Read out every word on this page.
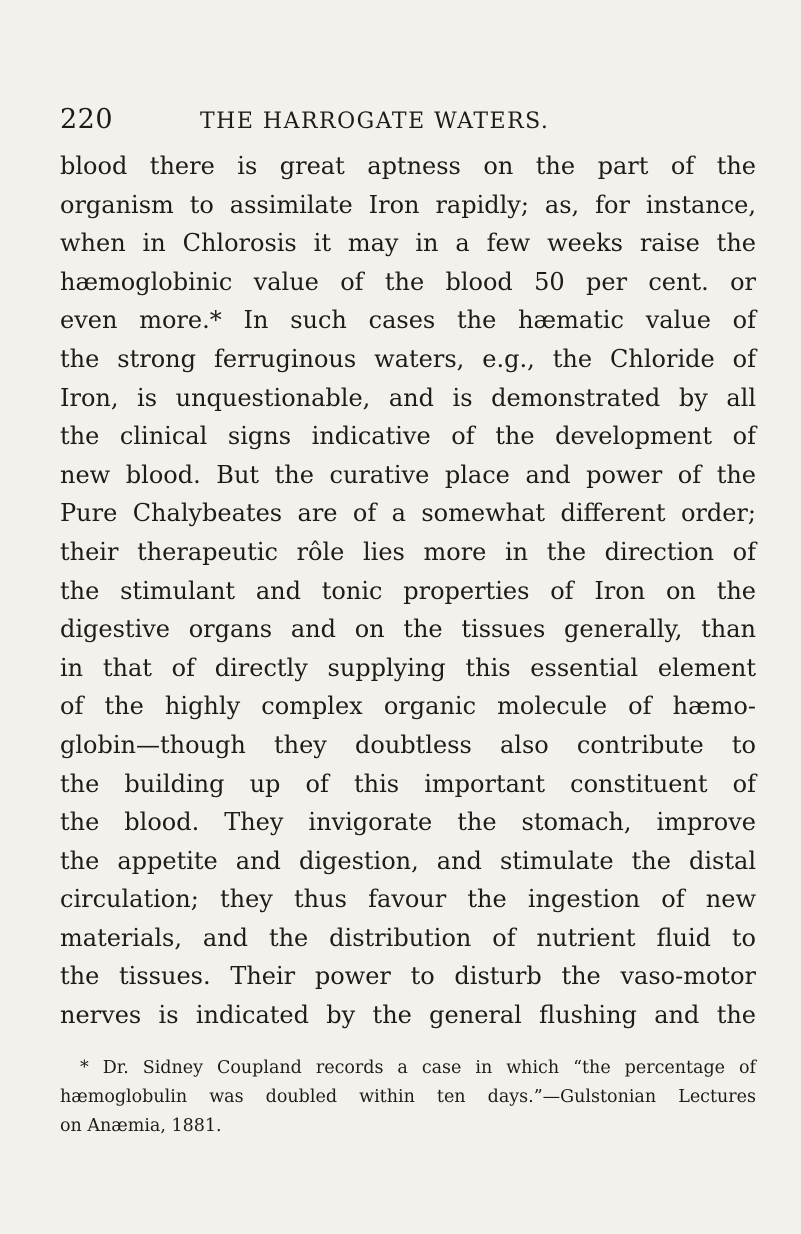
220	THE HARROGATE WATERS.
blood there is great aptness on the part of the
organism to assimilate Iron rapidly; as, for instance,
when in Chlorosis it may in a few weeks raise the
hæmoglobinic value of the blood 50 per cent. or
even more.* In such cases the hæmatic value of
the strong ferruginous waters, e.g., the Chloride of
Iron, is unquestionable, and is demonstrated by all
the clinical signs indicative of the development of
new blood. But the curative place and power of the
Pure Chalybeates are of a somewhat different order;
their therapeutic rôle lies more in the direction of
the stimulant and tonic properties of Iron on the
digestive organs and on the tissues generally, than
in that of directly supplying this essential element
of the highly complex organic molecule of hæmo-
globin—though they doubtless also contribute to
the building up of this important constituent of
the blood. They invigorate the stomach, improve
the appetite and digestion, and stimulate the distal
circulation; they thus favour the ingestion of new
materials, and the distribution of nutrient fluid to
the tissues. Their power to disturb the vaso-motor
nerves is indicated by the general flushing and the
* Dr. Sidney Coupland records a case in which “the percentage of
hæmoglobulin was doubled within ten days.”—Gulstonian Lectures
on Anæmia, 1881.
